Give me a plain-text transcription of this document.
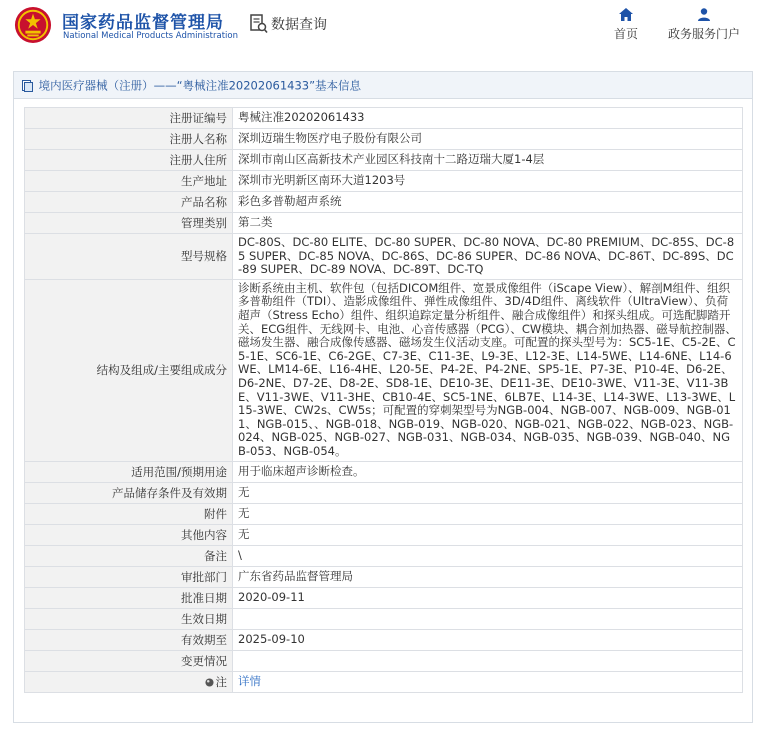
国家药品监督管理局
National Medical Products Administration
数据查询
首页	政务服务门户
境内医疗器械（注册）——“粤械注准20202061433”基本信息
注册证编号	粤械注准20202061433
注册人名称	深圳迈瑞生物医疗电子股份有限公司
注册人住所	深圳市南山区高新技术产业园区科技南十二路迈瑞大厦1-4层
生产地址	深圳市光明新区南环大道1203号
产品名称	彩色多普勒超声系统
管理类别	第二类
型号规格	DC-80S、DC-80 ELITE、DC-80 SUPER、DC-80 NOVA、DC-80 PREMIUM、DC-85S、DC-85 SUPER、DC-85 NOVA、DC-86S、DC-86 SUPER、DC-86 NOVA、DC-86T、DC-89S、DC-89 SUPER、DC-89 NOVA、DC-89T、DC-TQ
结构及组成/主要组成成分	诊断系统由主机、软件包（包括DICOM组件、宽景成像组件（iScape View）、解剖M组件、组织多普勒组件（TDI）、造影成像组件、弹性成像组件、3D/4D组件、离线软件（UltraView）、负荷超声（Stress Echo）组件、组织追踪定量分析组件、融合成像组件）和探头组成。可选配脚踏开关、ECG组件、无线网卡、电池、心音传感器（PCG）、CW模块、耦合剂加热器、磁导航控制器、磁场发生器、融合成像传感器、磁场发生仪活动支座。可配置的探头型号为：SC5-1E、C5-2E、C5-1E、SC6-1E、C6-2GE、C7-3E、C11-3E、L9-3E、L12-3E、L14-5WE、L14-6NE、L14-6WE、LM14-6E、L16-4HE、L20-5E、P4-2E、P4-2NE、SP5-1E、P7-3E、P10-4E、D6-2E、D6-2NE、D7-2E、D8-2E、SD8-1E、DE10-3E、DE11-3E、DE10-3WE、V11-3E、V11-3BE、V11-3WE、V11-3HE、CB10-4E、SC5-1NE、6LB7E、L14-3E、L14-3WE、L13-3WE、L15-3WE、CW2s、CW5s；可配置的穿刺架型号为NGB-004、NGB-007、NGB-009、NGB-011、NGB-015、、NGB-018、NGB-019、NGB-020、NGB-021、NGB-022、NGB-023、NGB-024、NGB-025、NGB-027、NGB-031、NGB-034、NGB-035、NGB-039、NGB-040、NGB-053、NGB-054。
适用范围/预期用途	用于临床超声诊断检查。
产品储存条件及有效期	无
附件	无
其他内容	无
备注	\
审批部门	广东省药品监督管理局
批准日期	2020-09-11
生效日期	
有效期至	2025-09-10
变更情况	
注	详情
